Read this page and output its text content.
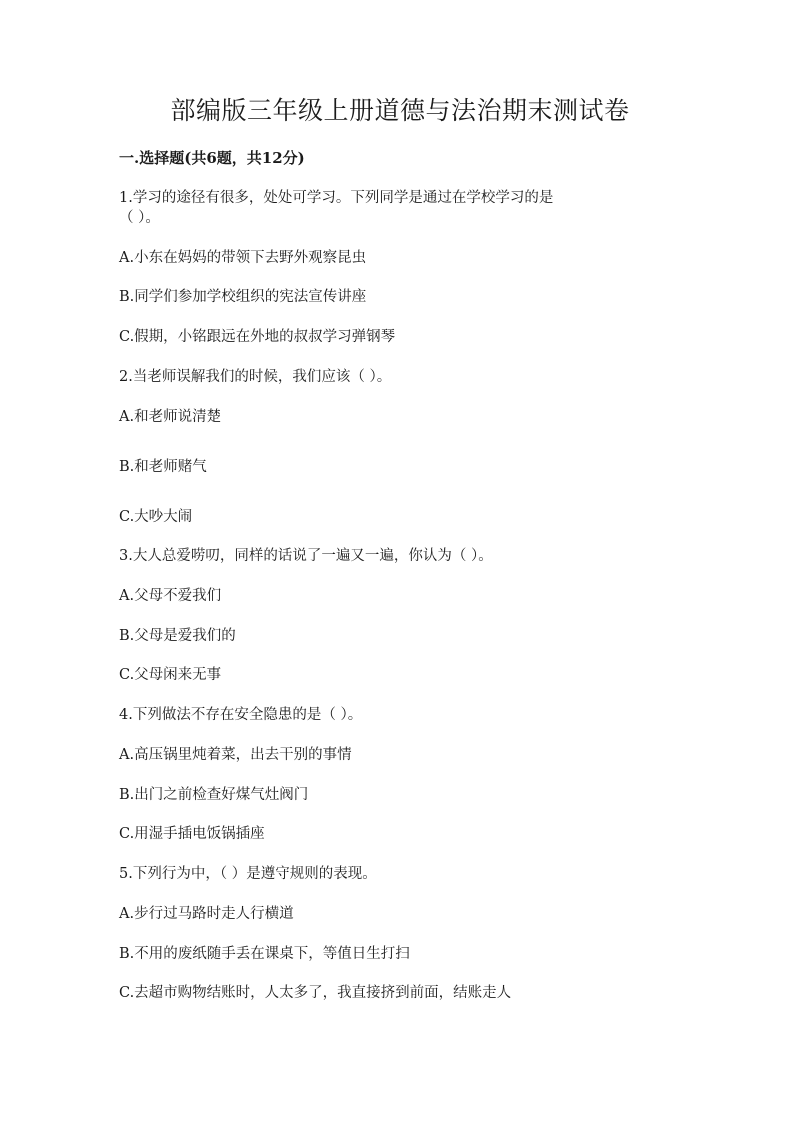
部编版三年级上册道德与法治期末测试卷
一.选择题(共6题，共12分)
1.学习的途径有很多，处处可学习。下列同学是通过在学校学习的是
（ ）。
A.小东在妈妈的带领下去野外观察昆虫
B.同学们参加学校组织的宪法宣传讲座
C.假期，小铭跟远在外地的叔叔学习弹钢琴
2.当老师误解我们的时候，我们应该（ ）。
A.和老师说清楚
B.和老师赌气
C.大吵大闹
3.大人总爱唠叨，同样的话说了一遍又一遍，你认为（ ）。
A.父母不爱我们
B.父母是爱我们的
C.父母闲来无事
4.下列做法不存在安全隐患的是（ ）。
A.高压锅里炖着菜，出去干别的事情
B.出门之前检查好煤气灶阀门
C.用湿手插电饭锅插座
5.下列行为中，（ ）是遵守规则的表现。
A.步行过马路时走人行横道
B.不用的废纸随手丢在课桌下，等值日生打扫
C.去超市购物结账时，人太多了，我直接挤到前面，结账走人
